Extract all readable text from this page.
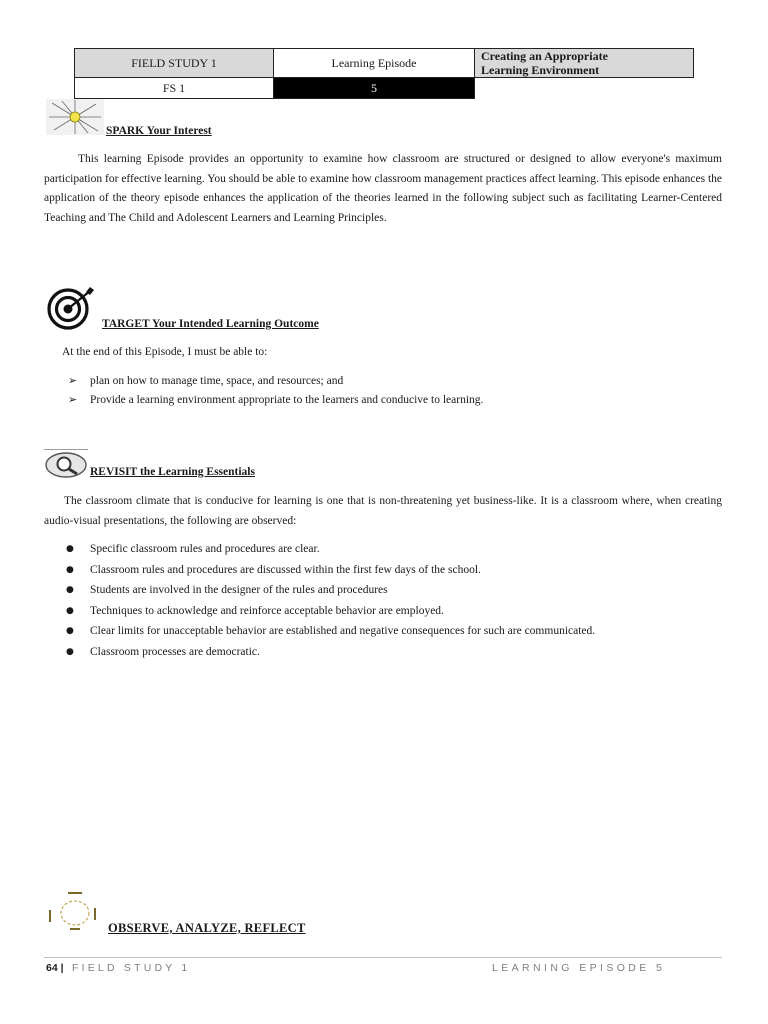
FIELD STUDY 1	Learning Episode	Creating an Appropriate
Learning Environment
FS 1	5	
SPARK Your Interest
This learning Episode provides an opportunity to examine how classroom are structured or designed to allow everyone's maximum participation for effective learning. You should be able to examine how classroom management practices affect learning. This episode enhances the application of the theory episode enhances the application of the theories learned in the following subject such as facilitating Learner-Centered Teaching and The Child and Adolescent Learners and Learning Principles.
TARGET Your Intended Learning Outcome
At the end of this Episode, I must be able to:
➢ plan on how to manage time, space, and resources; and
➢ Provide a learning environment appropriate to the learners and conducive to learning.
REVISIT the Learning Essentials
The classroom climate that is conducive for learning is one that is non-threatening yet business-like. It is a classroom where, when creating audio-visual presentations, the following are observed:
● Specific classroom rules and procedures are clear.
● Classroom rules and procedures are discussed within the first few days of the school.
● Students are involved in the designer of the rules and procedures
● Techniques to acknowledge and reinforce acceptable behavior are employed.
● Clear limits for unacceptable behavior are established and negative consequences for such are communicated.
● Classroom processes are democratic.
OBSERVE, ANALYZE, REFLECT
64 | FIELD STUDY 1	LEARNING EPISODE 5
